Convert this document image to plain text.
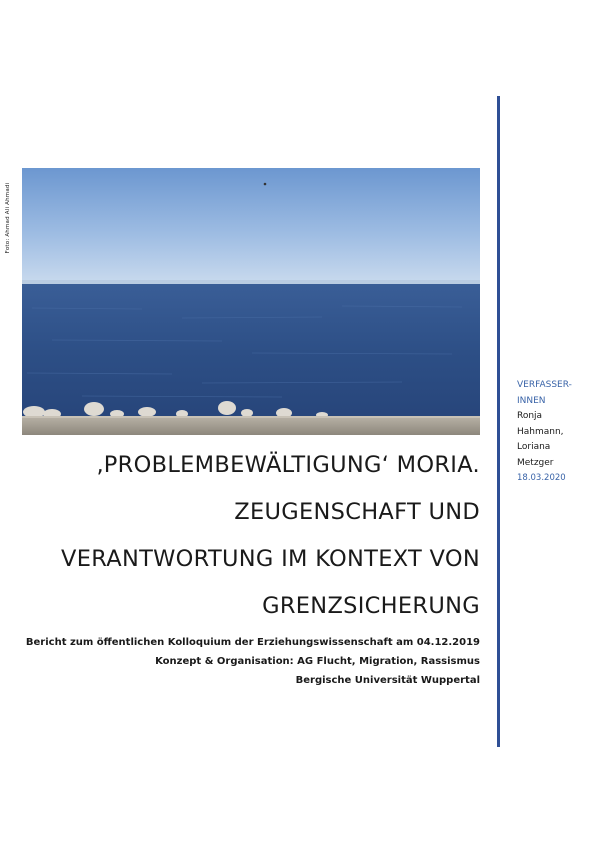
Foto: Ahmad Ali Ahmadi
‚PROBLEMBEWÄLTIGUNG‘ MORIA.
ZEUGENSCHAFT UND
VERANTWORTUNG IM KONTEXT VON
GRENZSICHERUNG

Bericht zum öffentlichen Kolloquium der Erziehungswissenschaft am 04.12.2019

Konzept & Organisation: AG Flucht, Migration, Rassismus

Bergische Universität Wuppertal

VERFASSER-
INNEN
Ronja
Hahmann,
Loriana
Metzger
18.03.2020
